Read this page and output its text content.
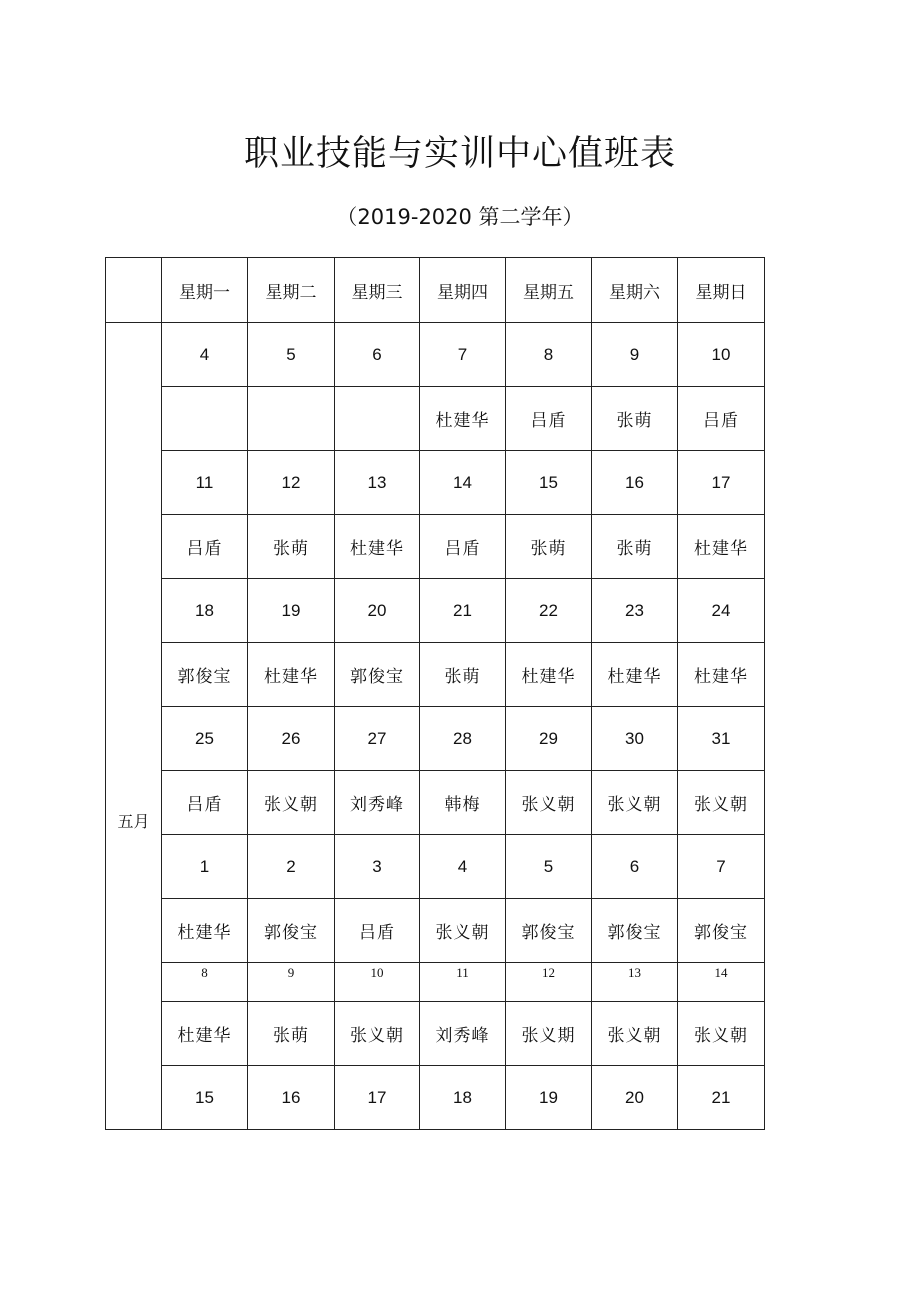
职业技能与实训中心值班表
（2019-2020 第二学年）
	星期一	星期二	星期三	星期四	星期五	星期六	星期日
五月	4	5	6	7	8	9	10
				杜建华	吕盾	张萌	吕盾
	11	12	13	14	15	16	17
	吕盾	张萌	杜建华	吕盾	张萌	张萌	杜建华
	18	19	20	21	22	23	24
	郭俊宝	杜建华	郭俊宝	张萌	杜建华	杜建华	杜建华
	25	26	27	28	29	30	31
	吕盾	张义朝	刘秀峰	韩梅	张义朝	张义朝	张义朝
	1	2	3	4	5	6	7
	杜建华	郭俊宝	吕盾	张义朝	郭俊宝	郭俊宝	郭俊宝
	8	9	10	11	12	13	14
	杜建华	张萌	张义朝	刘秀峰	张义期	张义朝	张义朝
	15	16	17	18	19	20	21
